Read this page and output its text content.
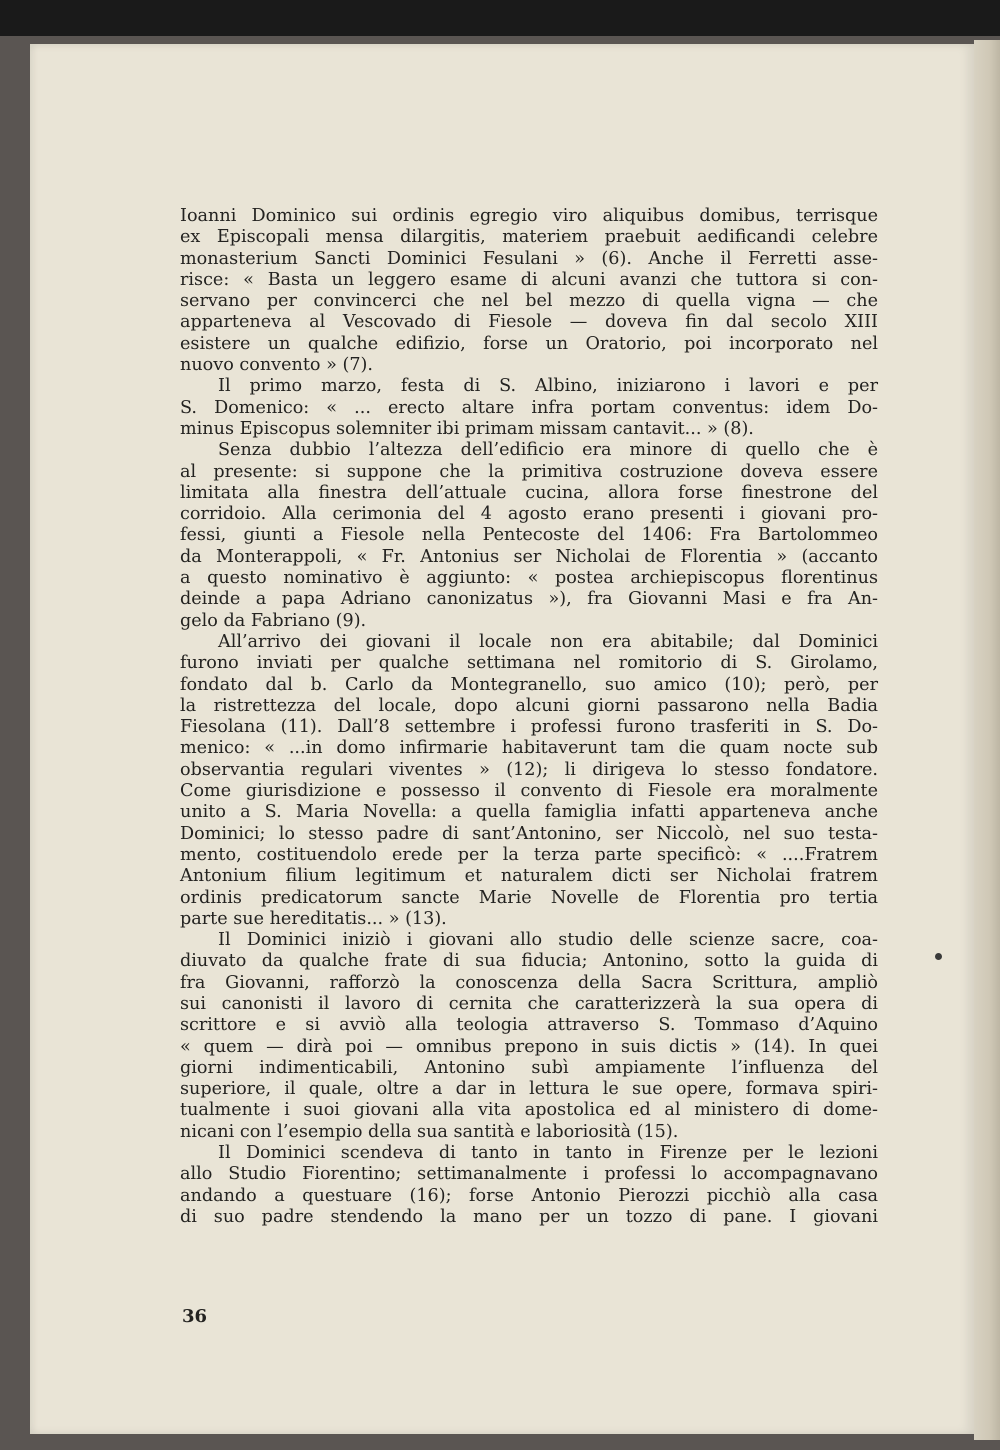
Ioanni Dominico sui ordinis egregio viro aliquibus domibus, terrisque
ex Episcopali mensa dilargitis, materiem praebuit aedificandi celebre
monasterium Sancti Dominici Fesulani » (6). Anche il Ferretti asse-
risce: « Basta un leggero esame di alcuni avanzi che tuttora si con-
servano per convincerci che nel bel mezzo di quella vigna — che
apparteneva al Vescovado di Fiesole — doveva fin dal secolo XIII
esistere un qualche edifizio, forse un Oratorio, poi incorporato nel
nuovo convento » (7).
Il primo marzo, festa di S. Albino, iniziarono i lavori e per
S. Domenico: « ... erecto altare infra portam conventus: idem Do-
minus Episcopus solemniter ibi primam missam cantavit... » (8).
Senza dubbio l’altezza dell’edificio era minore di quello che è
al presente: si suppone che la primitiva costruzione doveva essere
limitata alla finestra dell’attuale cucina, allora forse finestrone del
corridoio. Alla cerimonia del 4 agosto erano presenti i giovani pro-
fessi, giunti a Fiesole nella Pentecoste del 1406: Fra Bartolommeo
da Monterappoli, « Fr. Antonius ser Nicholai de Florentia » (accanto
a questo nominativo è aggiunto: « postea archiepiscopus florentinus
deinde a papa Adriano canonizatus »), fra Giovanni Masi e fra An-
gelo da Fabriano (9).
All’arrivo dei giovani il locale non era abitabile; dal Dominici
furono inviati per qualche settimana nel romitorio di S. Girolamo,
fondato dal b. Carlo da Montegranello, suo amico (10); però, per
la ristrettezza del locale, dopo alcuni giorni passarono nella Badia
Fiesolana (11). Dall’8 settembre i professi furono trasferiti in S. Do-
menico: « ...in domo infirmarie habitaverunt tam die quam nocte sub
observantia regulari viventes » (12); li dirigeva lo stesso fondatore.
Come giurisdizione e possesso il convento di Fiesole era moralmente
unito a S. Maria Novella: a quella famiglia infatti apparteneva anche
Dominici; lo stesso padre di sant’Antonino, ser Niccolò, nel suo testa-
mento, costituendolo erede per la terza parte specificò: « ....Fratrem
Antonium filium legitimum et naturalem dicti ser Nicholai fratrem
ordinis predicatorum sancte Marie Novelle de Florentia pro tertia
parte sue hereditatis... » (13).
Il Dominici iniziò i giovani allo studio delle scienze sacre, coa-
diuvato da qualche frate di sua fiducia; Antonino, sotto la guida di
fra Giovanni, rafforzò la conoscenza della Sacra Scrittura, ampliò
sui canonisti il lavoro di cernita che caratterizzerà la sua opera di
scrittore e si avviò alla teologia attraverso S. Tommaso d’Aquino
« quem — dirà poi — omnibus prepono in suis dictis » (14). In quei
giorni indimenticabili, Antonino subì ampiamente l’influenza del
superiore, il quale, oltre a dar in lettura le sue opere, formava spiri-
tualmente i suoi giovani alla vita apostolica ed al ministero di dome-
nicani con l’esempio della sua santità e laboriosità (15).
Il Dominici scendeva di tanto in tanto in Firenze per le lezioni
allo Studio Fiorentino; settimanalmente i professi lo accompagnavano
andando a questuare (16); forse Antonio Pierozzi picchiò alla casa
di suo padre stendendo la mano per un tozzo di pane. I giovani
36
